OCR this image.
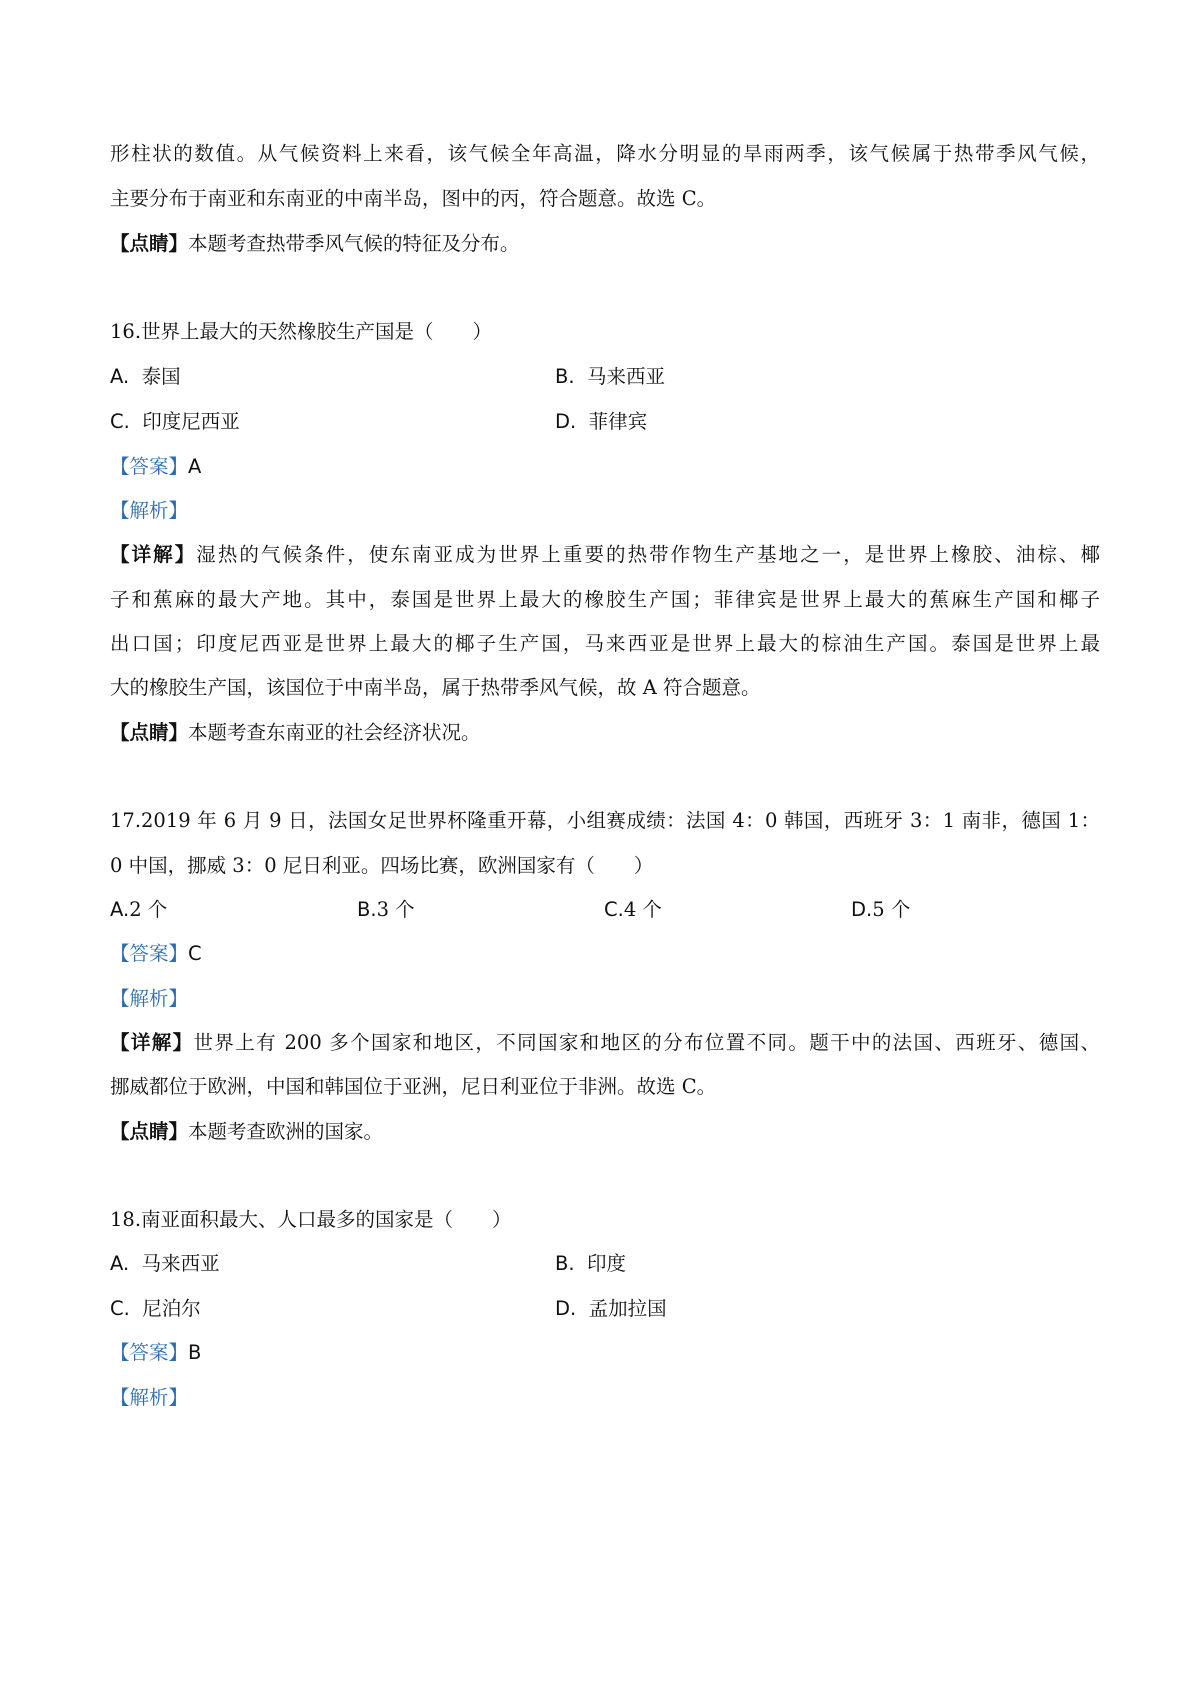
形柱状的数值。从气候资料上来看，该气候全年高温，降水分明显的旱雨两季，该气候属于热带季风气候，
主要分布于南亚和东南亚的中南半岛，图中的丙，符合题意。故选 C。
【点睛】本题考查热带季风气候的特征及分布。
16.世界上最大的天然橡胶生产国是（　　）
A. 泰国	B. 马来西亚
C. 印度尼西亚	D. 菲律宾
【答案】A
【解析】
【详解】湿热的气候条件，使东南亚成为世界上重要的热带作物生产基地之一，是世界上橡胶、油棕、椰
子和蕉麻的最大产地。其中，泰国是世界上最大的橡胶生产国；菲律宾是世界上最大的蕉麻生产国和椰子
出口国；印度尼西亚是世界上最大的椰子生产国，马来西亚是世界上最大的棕油生产国。泰国是世界上最
大的橡胶生产国，该国位于中南半岛，属于热带季风气候，故 A 符合题意。
【点睛】本题考查东南亚的社会经济状况。
17.2019 年 6 月 9 日，法国女足世界杯隆重开幕，小组赛成绩：法国 4：0 韩国，西班牙 3：1 南非，德国 1：
0 中国，挪威 3：0 尼日利亚。四场比赛，欧洲国家有（　　）
A.2 个	B.3 个	C.4 个	D.5 个
【答案】C
【解析】
【详解】世界上有 200 多个国家和地区，不同国家和地区的分布位置不同。题干中的法国、西班牙、德国、
挪威都位于欧洲，中国和韩国位于亚洲，尼日利亚位于非洲。故选 C。
【点睛】本题考查欧洲的国家。
18.南亚面积最大、人口最多的国家是（　　）
A. 马来西亚	B. 印度
C. 尼泊尔	D. 孟加拉国
【答案】B
【解析】
